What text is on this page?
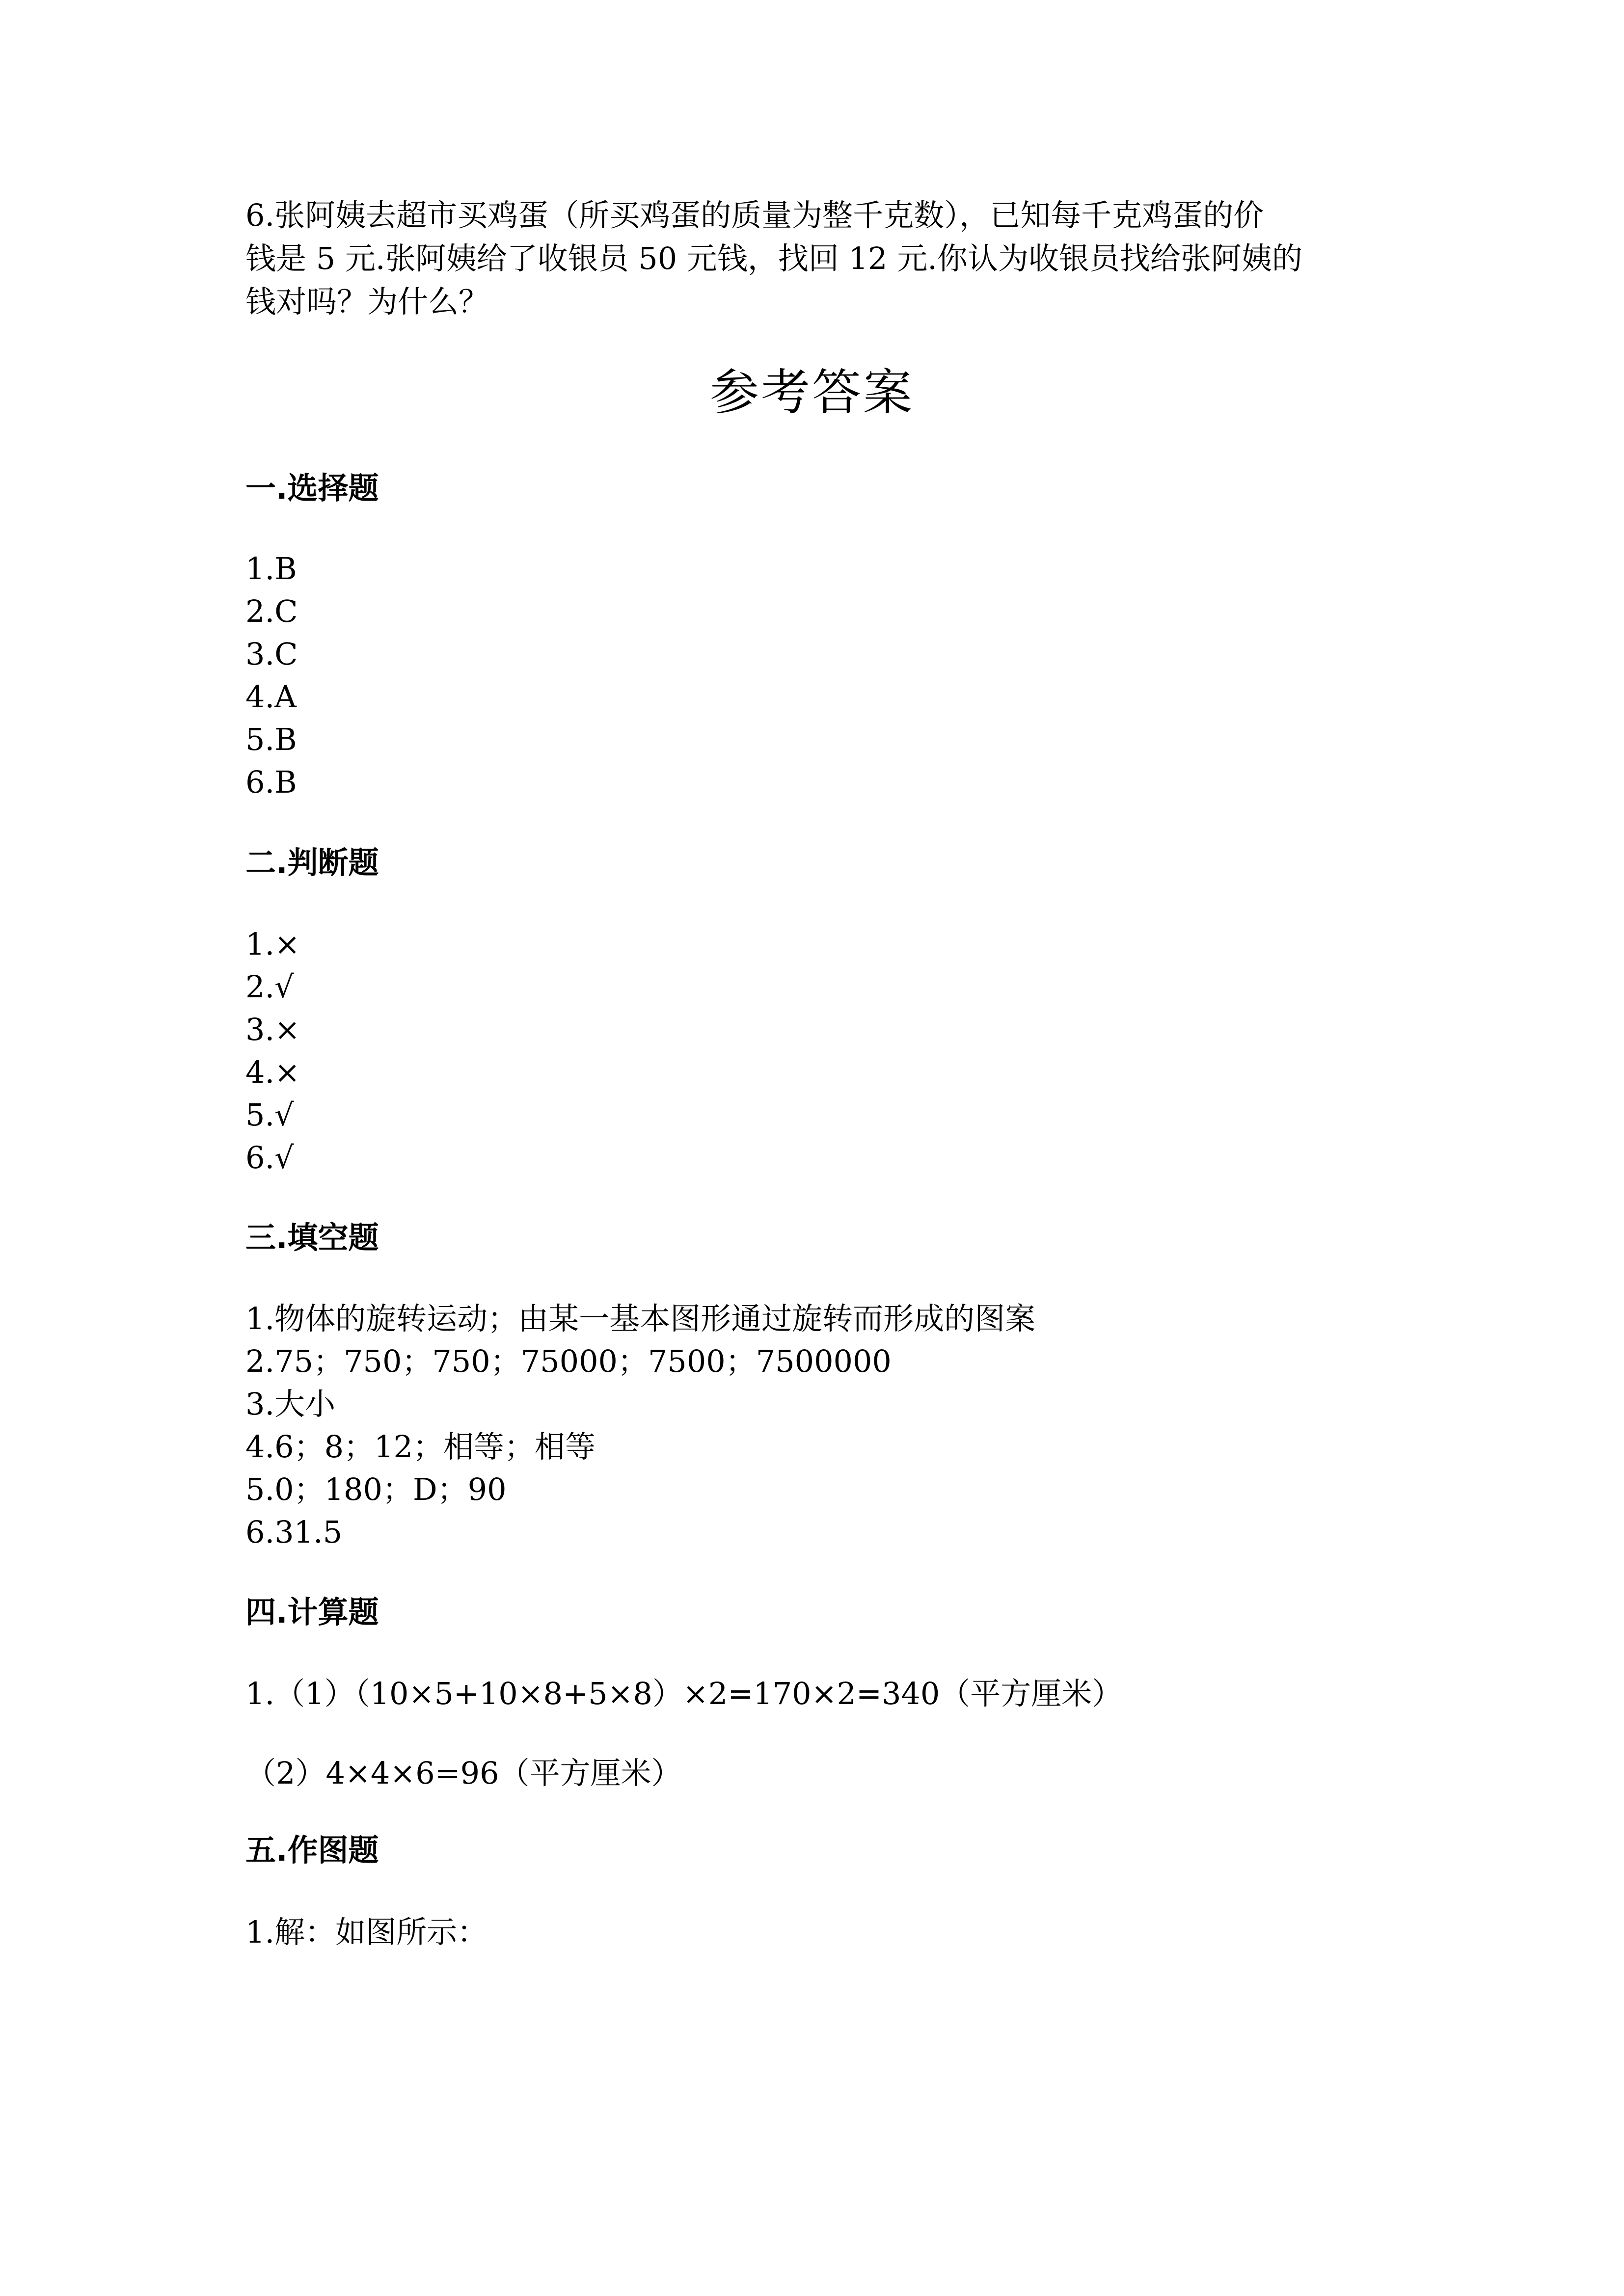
6.张阿姨去超市买鸡蛋（所买鸡蛋的质量为整千克数），已知每千克鸡蛋的价
钱是 5 元.张阿姨给了收银员 50 元钱，找回 12 元.你认为收银员找给张阿姨的
钱对吗？为什么？
参考答案
一.选择题
1.B
2.C
3.C
4.A
5.B
6.B
二.判断题
1.×
2.√
3.×
4.×
5.√
6.√
三.填空题
1.物体的旋转运动；由某一基本图形通过旋转而形成的图案
2.75；750；750；75000；7500；7500000
3.大小
4.6；8；12；相等；相等
5.0；180；D；90
6.31.5
四.计算题
1.（1）（10×5+10×8+5×8）×2=170×2=340（平方厘米）
（2）4×4×6=96（平方厘米）
五.作图题
1.解：如图所示：
